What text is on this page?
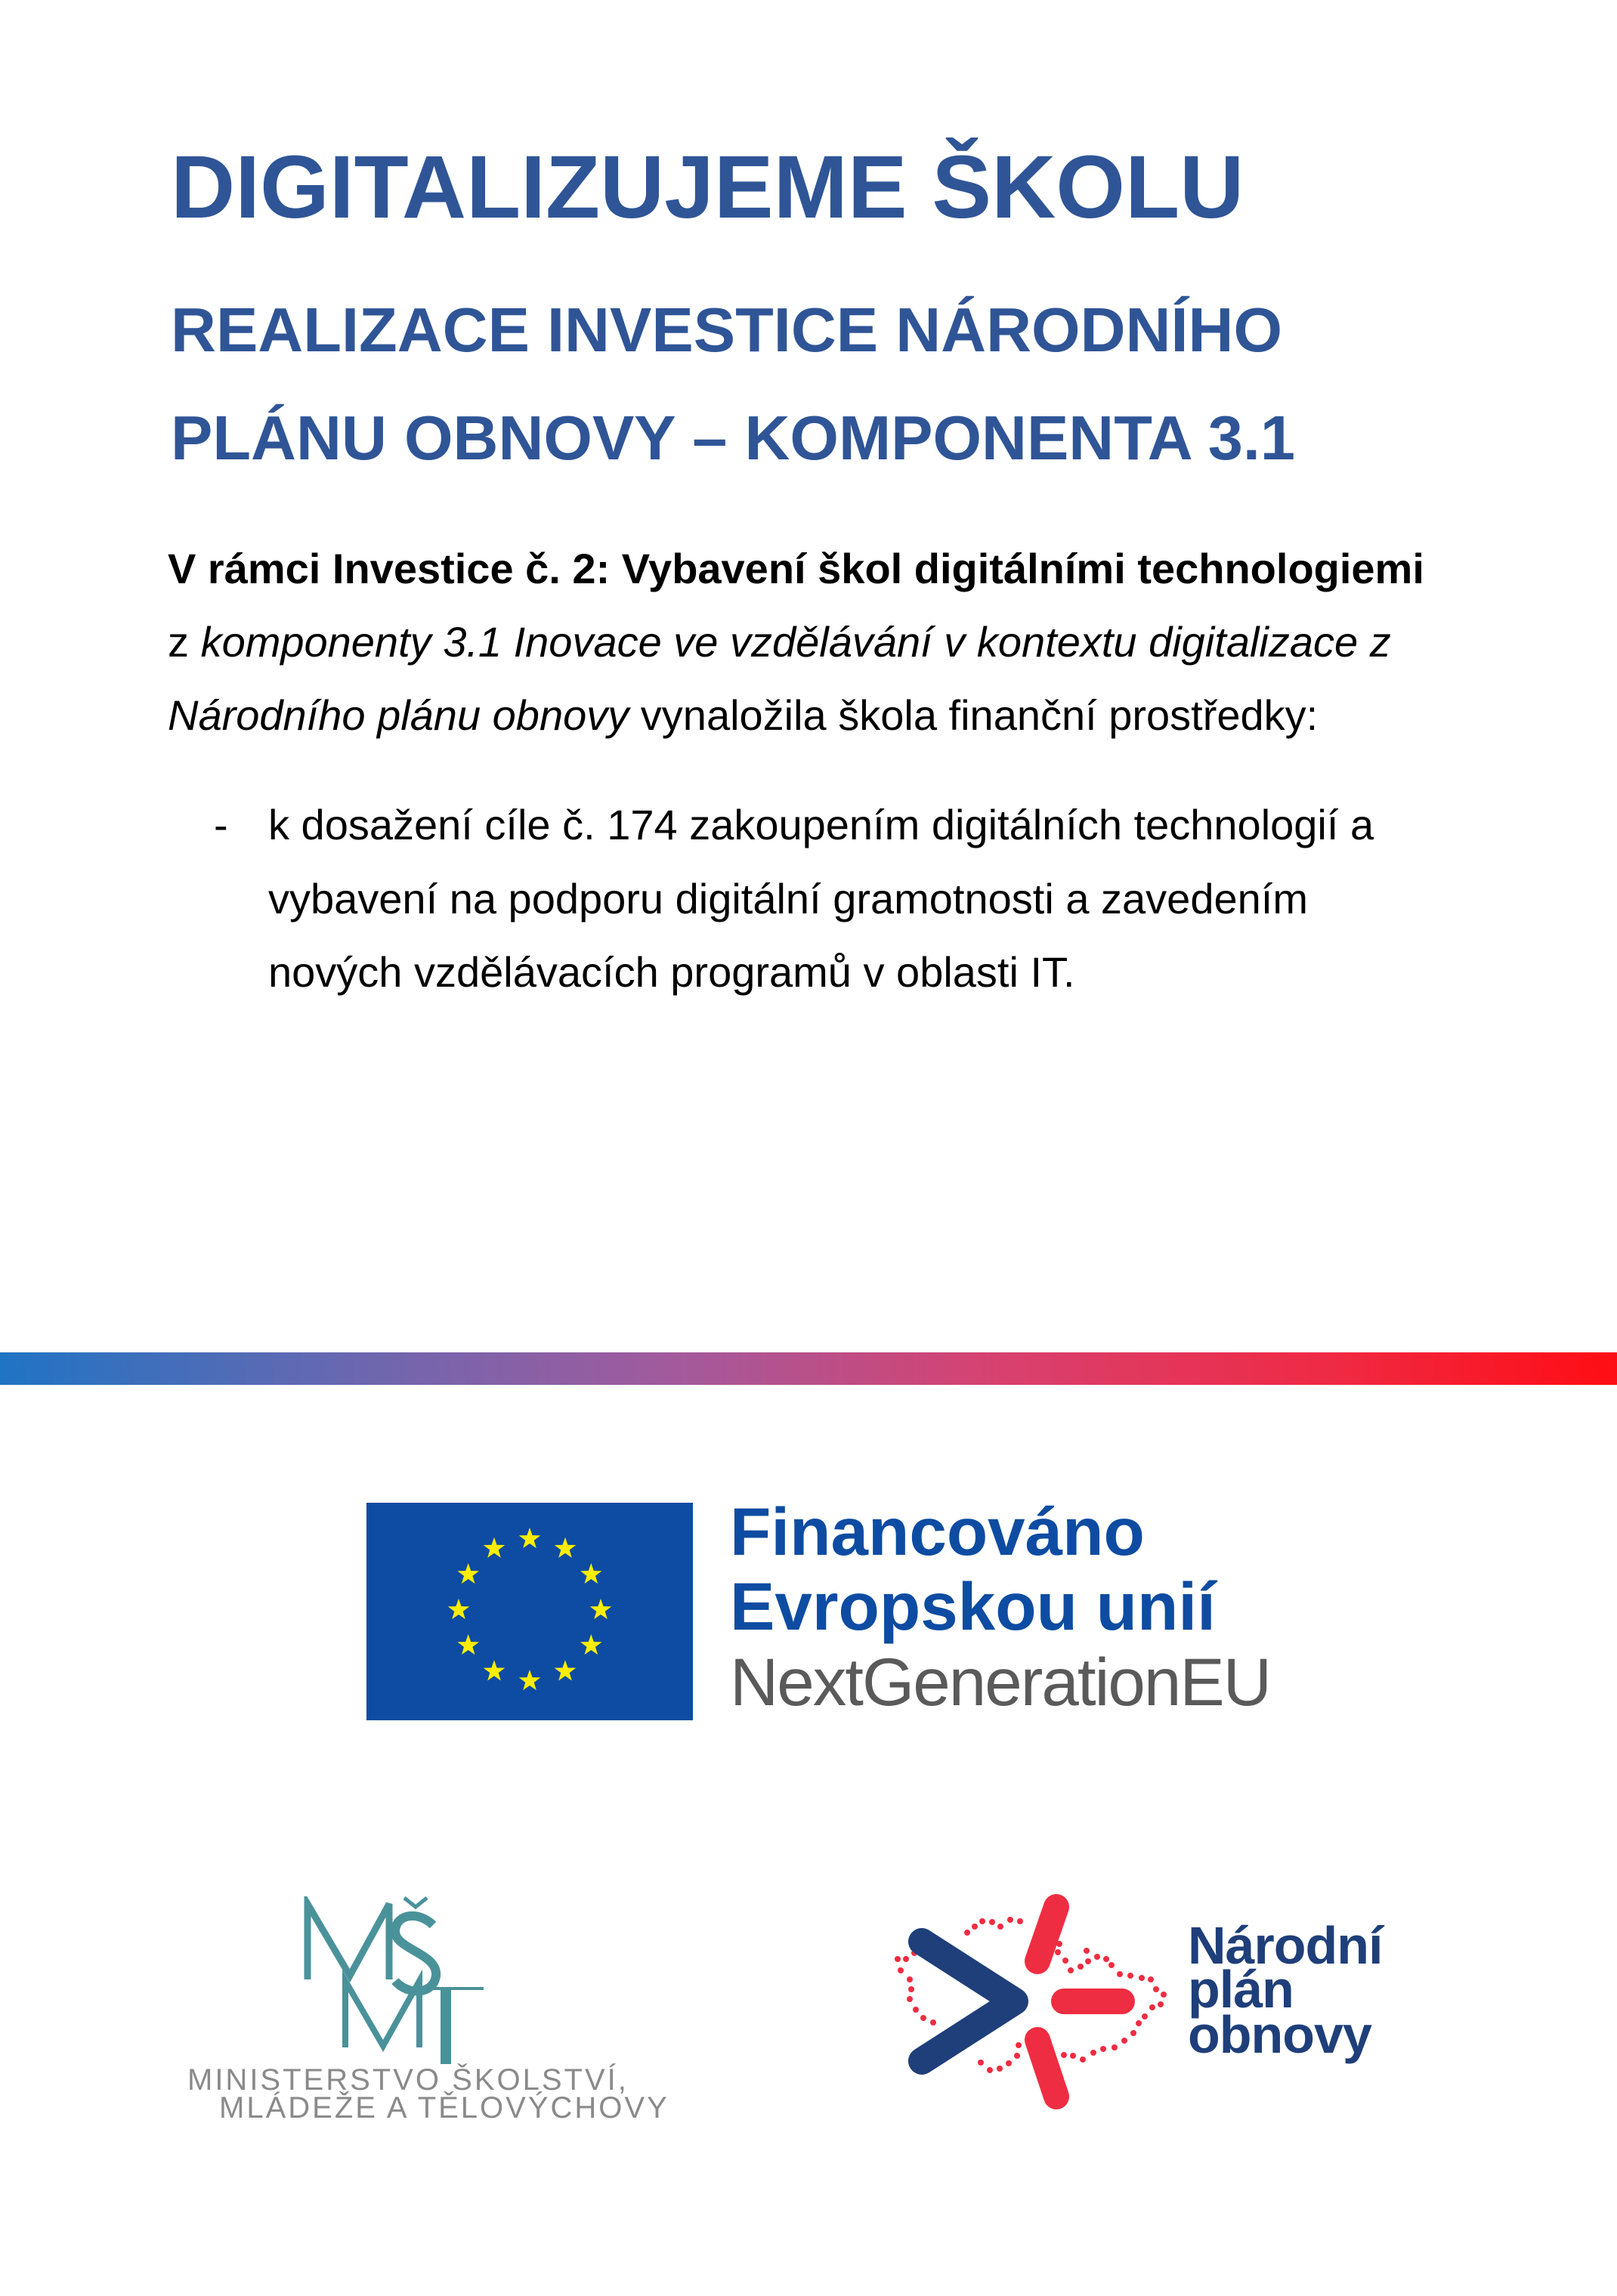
DIGITALIZUJEME ŠKOLU
REALIZACE INVESTICE NÁRODNÍHO
PLÁNU OBNOVY – KOMPONENTA 3.1
V rámci Investice č. 2: Vybavení škol digitálními technologiemi
z komponenty 3.1 Inovace ve vzdělávání v kontextu digitalizace z
Národního plánu obnovy vynaložila škola finanční prostředky:
- k dosažení cíle č. 174 zakoupením digitálních technologií a
vybavení na podporu digitální gramotnosti a zavedením
nových vzdělávacích programů v oblasti IT.
Financováno
Evropskou unií
NextGenerationEU
MINISTERSTVO ŠKOLSTVÍ,
MLÁDEŽE A TĚLOVÝCHOVY
Národní
plán
obnovy
